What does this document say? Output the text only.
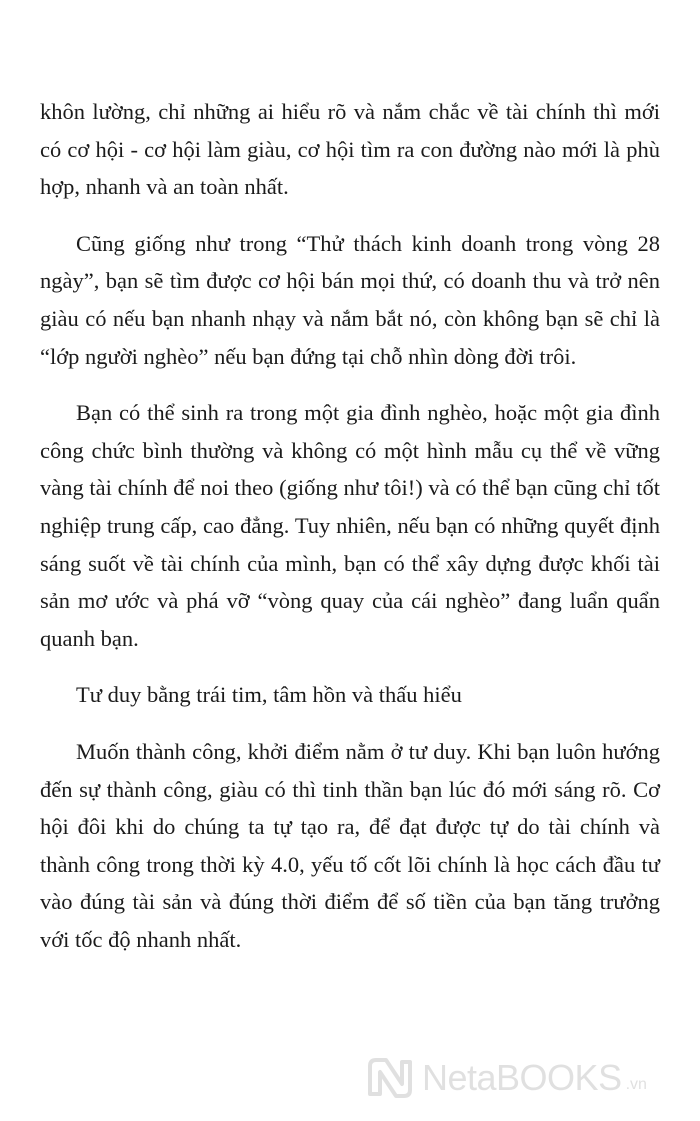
khôn lường, chỉ những ai hiểu rõ và nắm chắc về tài chính thì mới có cơ hội - cơ hội làm giàu, cơ hội tìm ra con đường nào mới là phù hợp, nhanh và an toàn nhất.

Cũng giống như trong “Thử thách kinh doanh trong vòng 28 ngày”, bạn sẽ tìm được cơ hội bán mọi thứ, có doanh thu và trở nên giàu có nếu bạn nhanh nhạy và nắm bắt nó, còn không bạn sẽ chỉ là “lớp người nghèo” nếu bạn đứng tại chỗ nhìn dòng đời trôi.

Bạn có thể sinh ra trong một gia đình nghèo, hoặc một gia đình công chức bình thường và không có một hình mẫu cụ thể về vững vàng tài chính để noi theo (giống như tôi!) và có thể bạn cũng chỉ tốt nghiệp trung cấp, cao đẳng. Tuy nhiên, nếu bạn có những quyết định sáng suốt về tài chính của mình, bạn có thể xây dựng được khối tài sản mơ ước và phá vỡ “vòng quay của cái nghèo” đang luẩn quẩn quanh bạn.

Tư duy bằng trái tim, tâm hồn và thấu hiểu

Muốn thành công, khởi điểm nằm ở tư duy. Khi bạn luôn hướng đến sự thành công, giàu có thì tinh thần bạn lúc đó mới sáng rõ. Cơ hội đôi khi do chúng ta tự tạo ra, để đạt được tự do tài chính và thành công trong thời kỳ 4.0, yếu tố cốt lõi chính là học cách đầu tư vào đúng tài sản và đúng thời điểm để số tiền của bạn tăng trưởng với tốc độ nhanh nhất.

NetaBOOKS .vn
